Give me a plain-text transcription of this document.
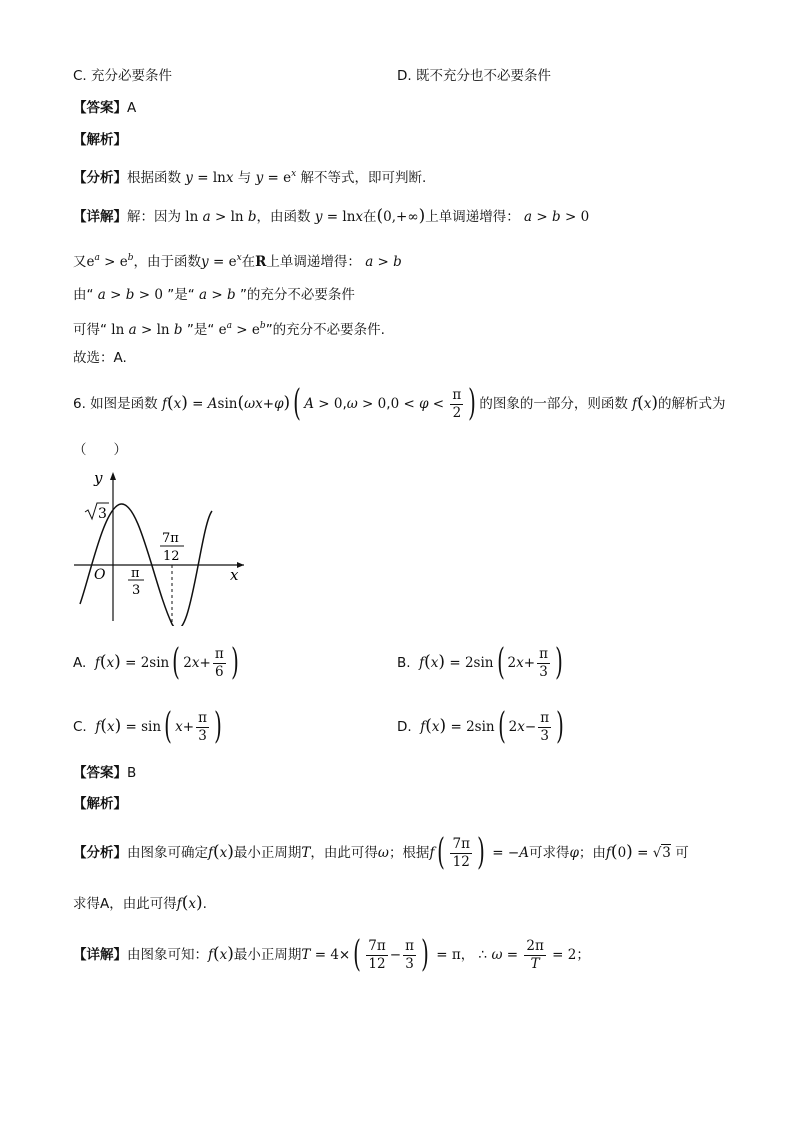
C. 充分必要条件	D. 既不充分也不必要条件
【答案】A
【解析】
【分析】根据函数 y = lnx 与 $y = e^x$ 解不等式，即可判断.
【详解】解：因为 ln a > ln b，由函数 y = lnx在(0,+∞)上单调递增得： a > b > 0
又$e^a > e^b$，由于函数$y = e^x$在R上单调递增得： a > b
由“ a > b > 0 ”是“ a > b ”的充分不必要条件
可得“ ln a > ln b ”是“ $e^a > e^b$”的充分不必要条件.
故选：A.
6. 如图是函数 f(x) = Asin(ωx+φ)( $A > 0,\omega > 0,0 < \varphi < \frac{\pi}{2}$ ) 的图象的一部分，则函数 f(x)的解析式为
（　　）
y
x
O
3
π
3
7π
12
A. f(x) = 2sin( $2x+ \frac{\pi}{6}$ )	B. f(x) = 2sin( $2x+ \frac{\pi}{3}$ )
C. f(x) = sin( $x+ \frac{\pi}{3}$ )	D. f(x) = 2sin( $2x- \frac{\pi}{3}$ )
【答案】B
【解析】
【分析】由图象可确定f(x)最小正周期T，由此可得ω；根据$f( \frac{7\pi}{12}$ ) = −A可求得φ；由f(0) = √3 可
求得A，由此可得f(x).
【详解】由图象可知：f(x)最小正周期$T = 4\times( \frac{7\pi}{12} - \frac{\pi}{3}$ ) = π， ∴ $\omega = \frac{2\pi}{T} = 2$；
